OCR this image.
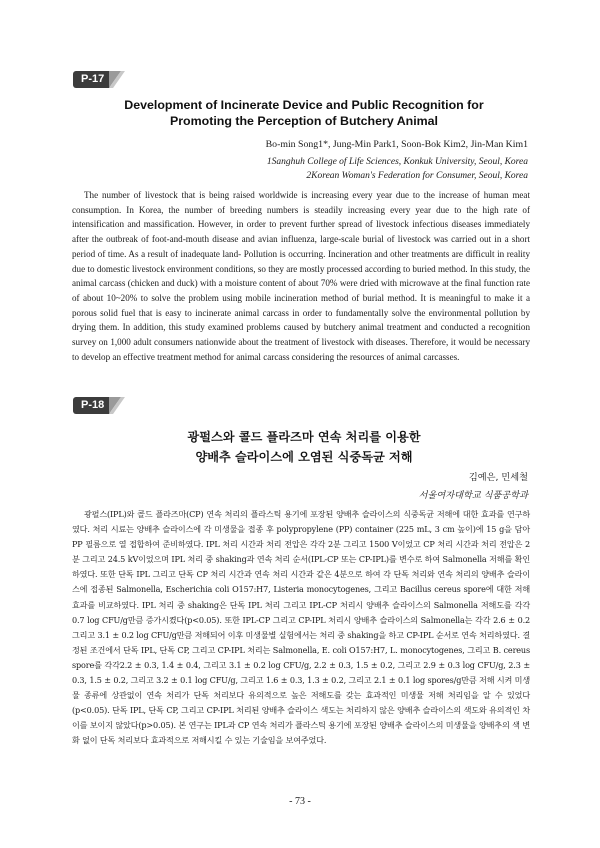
P-17
Development of Incinerate Device and Public Recognition for
Promoting the Perception of Butchery Animal
Bo-min Song1*, Jung-Min Park1, Soon-Bok Kim2, Jin-Man Kim1
1Sanghuh College of Life Sciences, Konkuk University, Seoul, Korea
2Korean Woman's Federation for Consumer, Seoul, Korea

The number of livestock that is being raised worldwide is increasing every year due to the increase of human meat consumption. In Korea, the number of breeding numbers is steadily increasing every year due to the high rate of intensification and massification. However, in order to prevent further spread of livestock infectious diseases immediately after the outbreak of foot-and-mouth disease and avian influenza, large-scale burial of livestock was carried out in a short period of time. As a result of inadequate land- Pollution is occurring. Incineration and other treatments are difficult in reality due to domestic livestock environment conditions, so they are mostly processed according to buried method. In this study, the animal carcass (chicken and duck) with a moisture content of about 70% were dried with microwave at the final function rate of about 10~20% to solve the problem using mobile incineration method of burial method. It is meaningful to make it a porous solid fuel that is easy to incinerate animal carcass in order to fundamentally solve the environmental pollution by drying them. In addition, this study examined problems caused by butchery animal treatment and conducted a recognition survey on 1,000 adult consumers nationwide about the treatment of livestock with diseases. Therefore, it would be necessary to develop an effective treatment method for animal carcass considering the resources of animal carcasses.

P-18
광펄스와 콜드 플라즈마 연속 처리를 이용한
양배추 슬라이스에 오염된 식중독균 저해
김예은, 민세철
서울여자대학교 식품공학과

광펄스(IPL)와 콜드 플라즈마(CP) 연속 처리의 플라스틱 용기에 포장된 양배추 슬라이스의 식중독균 저해에 대한 효과를 연구하였다. 처리 시료는 양배추 슬라이스에 각 미생물을 접종 후 polypropylene (PP) container (225 mL, 3 cm 높이)에 15 g을 담아 PP 필름으로 열 접합하여 준비하였다. IPL 처리 시간과 처리 전압은 각각 2분 그리고 1500 V이었고 CP 처리 시간과 처리 전압은 2분 그리고 24.5 kV이었으며 IPL 처리 중 shaking과 연속 처리 순서(IPL-CP 또는 CP-IPL)를 변수로 하여 Salmonella 저해를 확인하였다. 또한 단독 IPL 그리고 단독 CP 처리 시간과 연속 처리 시간과 같은 4분으로 하여 각 단독 처리와 연속 처리의 양배추 슬라이스에 접종된 Salmonella, Escherichia coli O157:H7, Listeria monocytogenes, 그리고 Bacillus cereus spore에 대한 저해 효과를 비교하였다. IPL 처리 중 shaking은 단독 IPL 처리 그리고 IPL-CP 처리시 양배추 슬라이스의 Salmonella 저해도를 각각 0.7 log CFU/g만큼 증가시켰다(p<0.05). 또한 IPL-CP 그리고 CP-IPL 처리시 양배추 슬라이스의 Salmonella는 각각 2.6 ± 0.2 그리고 3.1 ± 0.2 log CFU/g만큼 저해되어 이후 미생물별 실험에서는 처리 중 shaking을 하고 CP-IPL 순서로 연속 처리하였다. 결정된 조건에서 단독 IPL, 단독 CP, 그리고 CP-IPL 처리는 Salmonella, E. coli O157:H7, L. monocytogenes, 그리고 B. cereus spore를 각각2.2 ± 0.3, 1.4 ± 0.4, 그리고 3.1 ± 0.2 log CFU/g, 2.2 ± 0.3, 1.5 ± 0.2, 그리고 2.9 ± 0.3 log CFU/g, 2.3 ± 0.3, 1.5 ± 0.2, 그리고 3.2 ± 0.1 log CFU/g, 그리고 1.6 ± 0.3, 1.3 ± 0.2, 그리고 2.1 ± 0.1 log spores/g만큼 저해 시켜 미생물 종류에 상관없이 연속 처리가 단독 처리보다 유의적으로 높은 저해도를 갖는 효과적인 미생물 저해 처리임을 알 수 있었다 (p<0.05). 단독 IPL, 단독 CP, 그리고 CP-IPL 처리된 양배추 슬라이스 색도는 처리하지 않은 양배추 슬라이스의 색도와 유의적인 차이를 보이지 않았다(p>0.05). 본 연구는 IPL과 CP 연속 처리가 플라스틱 용기에 포장된 양배추 슬라이스의 미생물을 양배추의 색 변화 없이 단독 처리보다 효과적으로 저해시킬 수 있는 기술임을 보여주었다.

- 73 -
